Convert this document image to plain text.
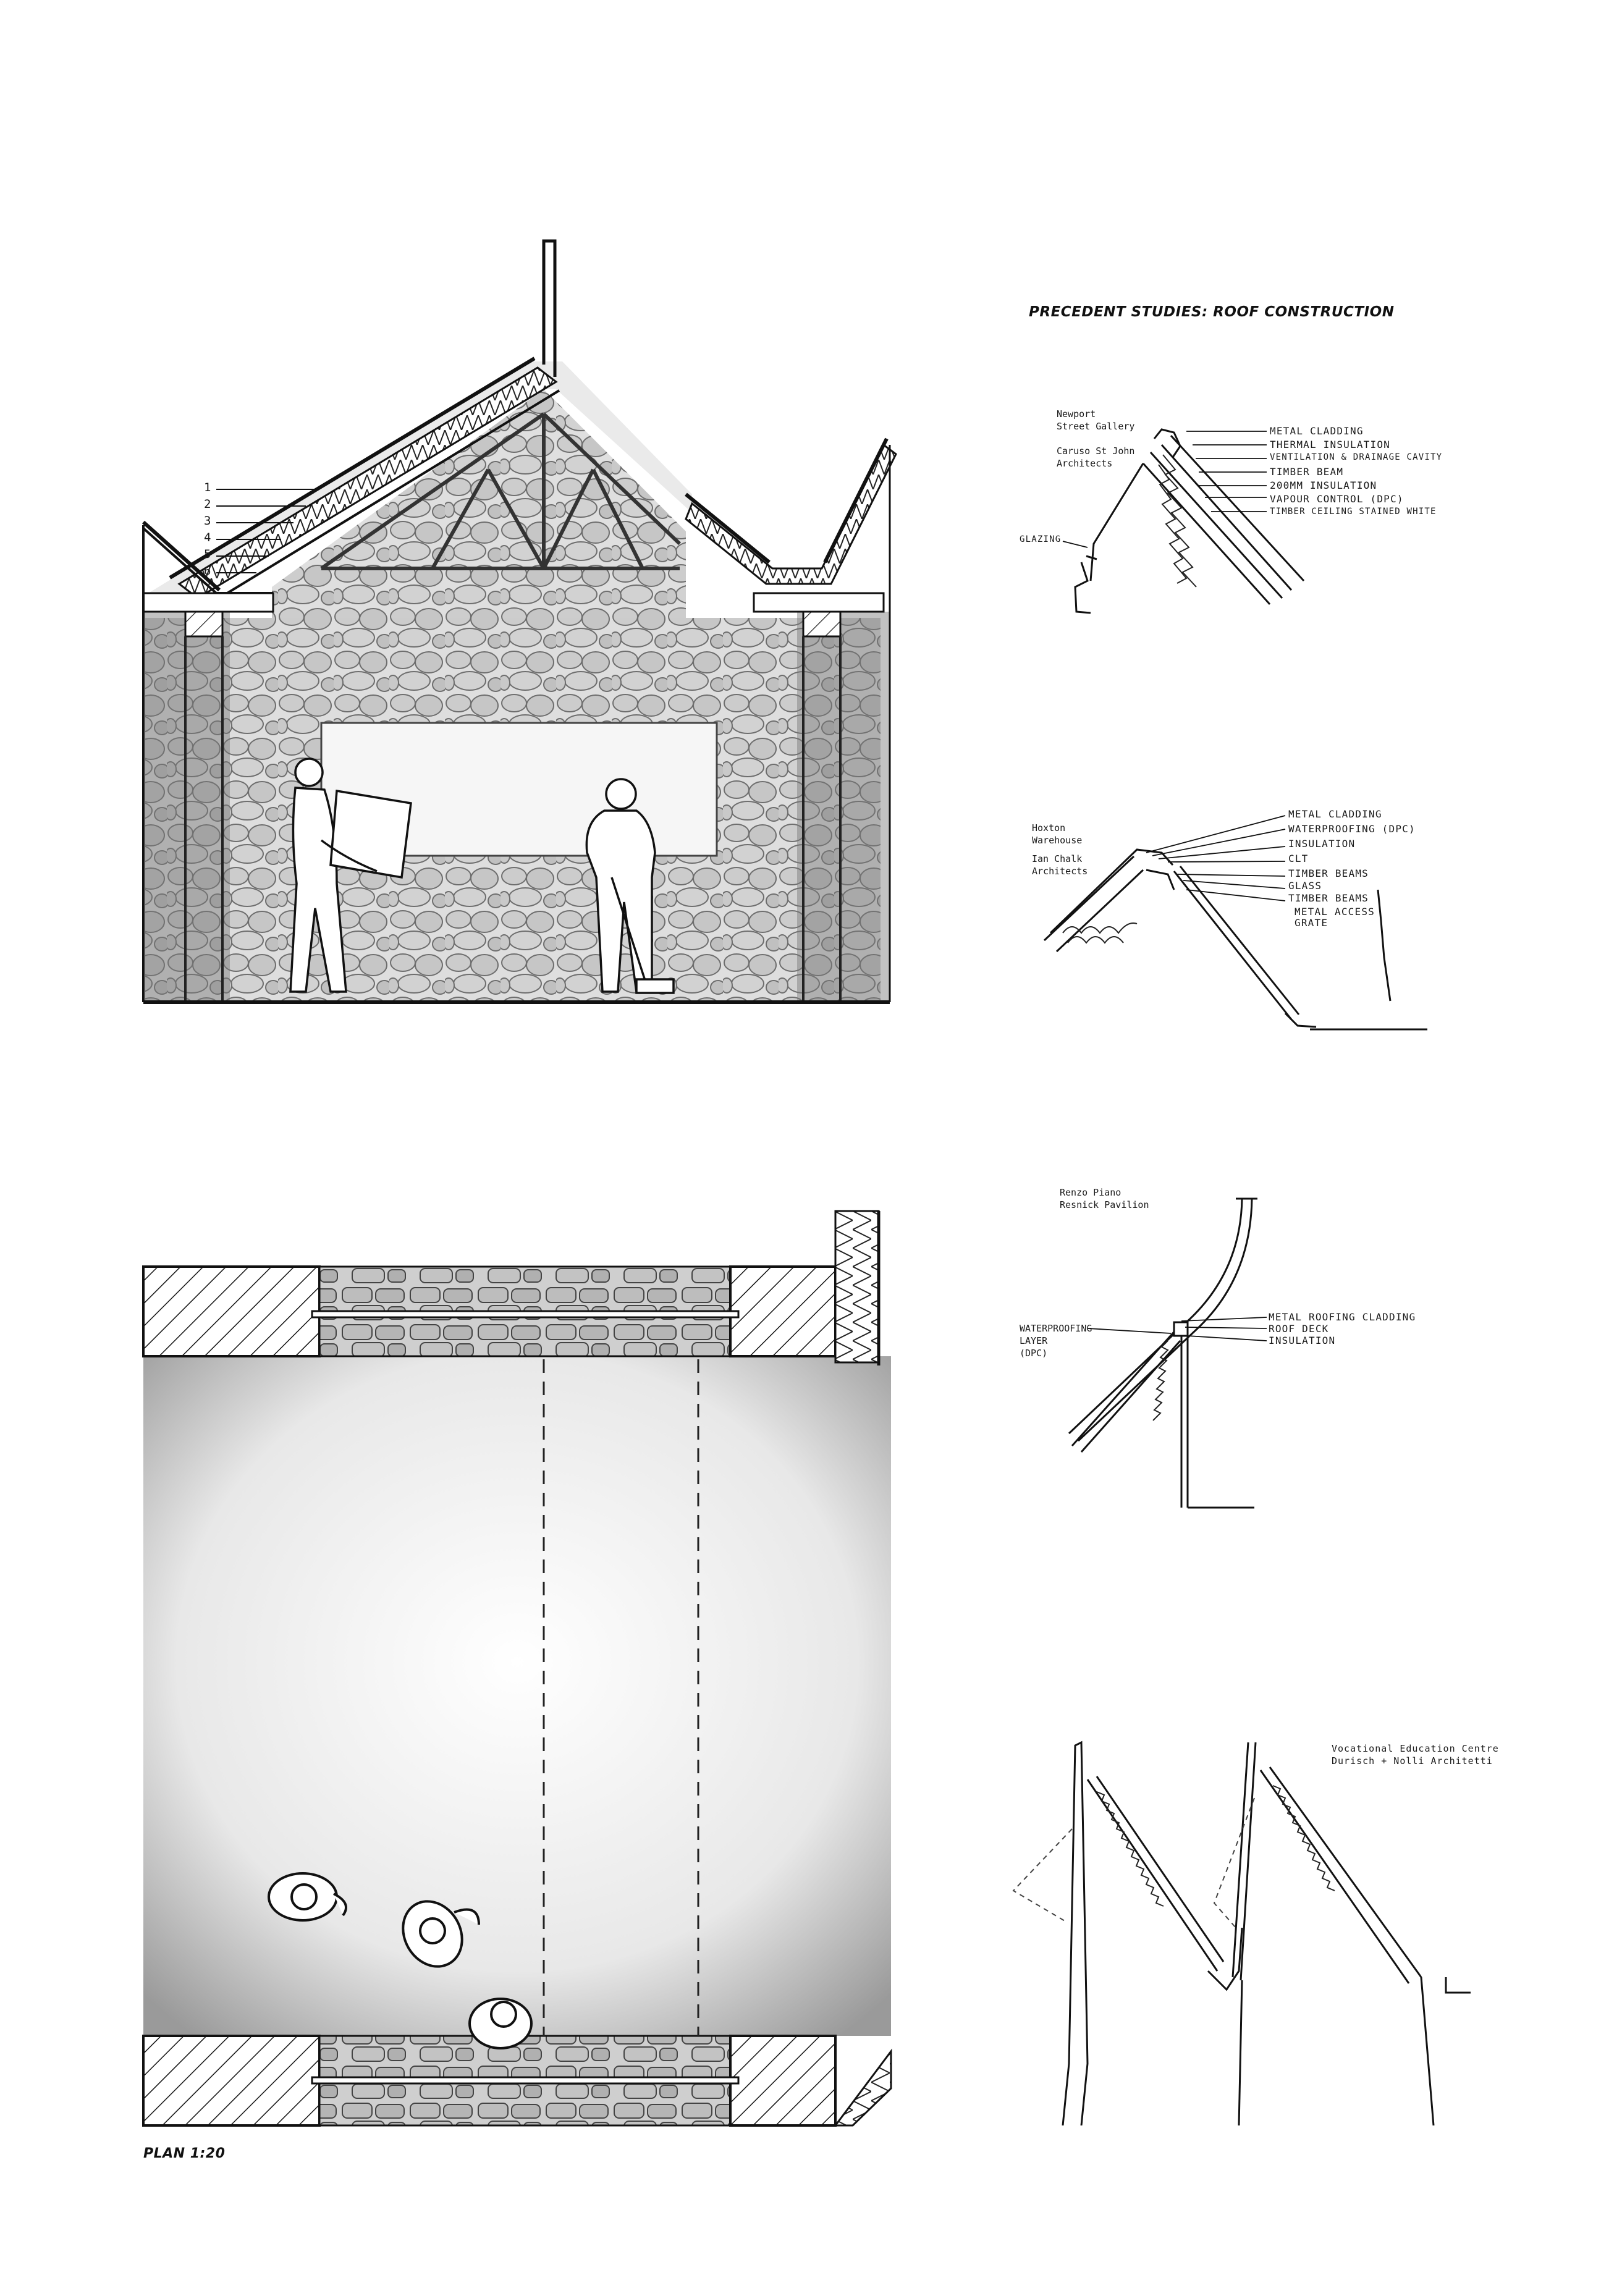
1
2
3
4
5
6
PLAN 1:20
PRECEDENT STUDIES: ROOF CONSTRUCTION
Newport
Street Gallery
Caruso St John
Architects
GLAZING
METAL CLADDING
THERMAL INSULATION
VENTILATION & DRAINAGE CAVITY
TIMBER BEAM
200MM INSULATION
VAPOUR CONTROL (DPC)
TIMBER CEILING STAINED WHITE
Hoxton
Warehouse
Ian Chalk
Architects
METAL CLADDING
WATERPROOFING (DPC)
INSULATION
CLT
TIMBER BEAMS
GLASS
TIMBER BEAMS
METAL ACCESS
GRATE
Renzo Piano
Resnick Pavilion
WATERPROOFING
LAYER
(DPC)
METAL ROOFING CLADDING
ROOF DECK
INSULATION
Vocational Education Centre
Durisch + Nolli Architetti
